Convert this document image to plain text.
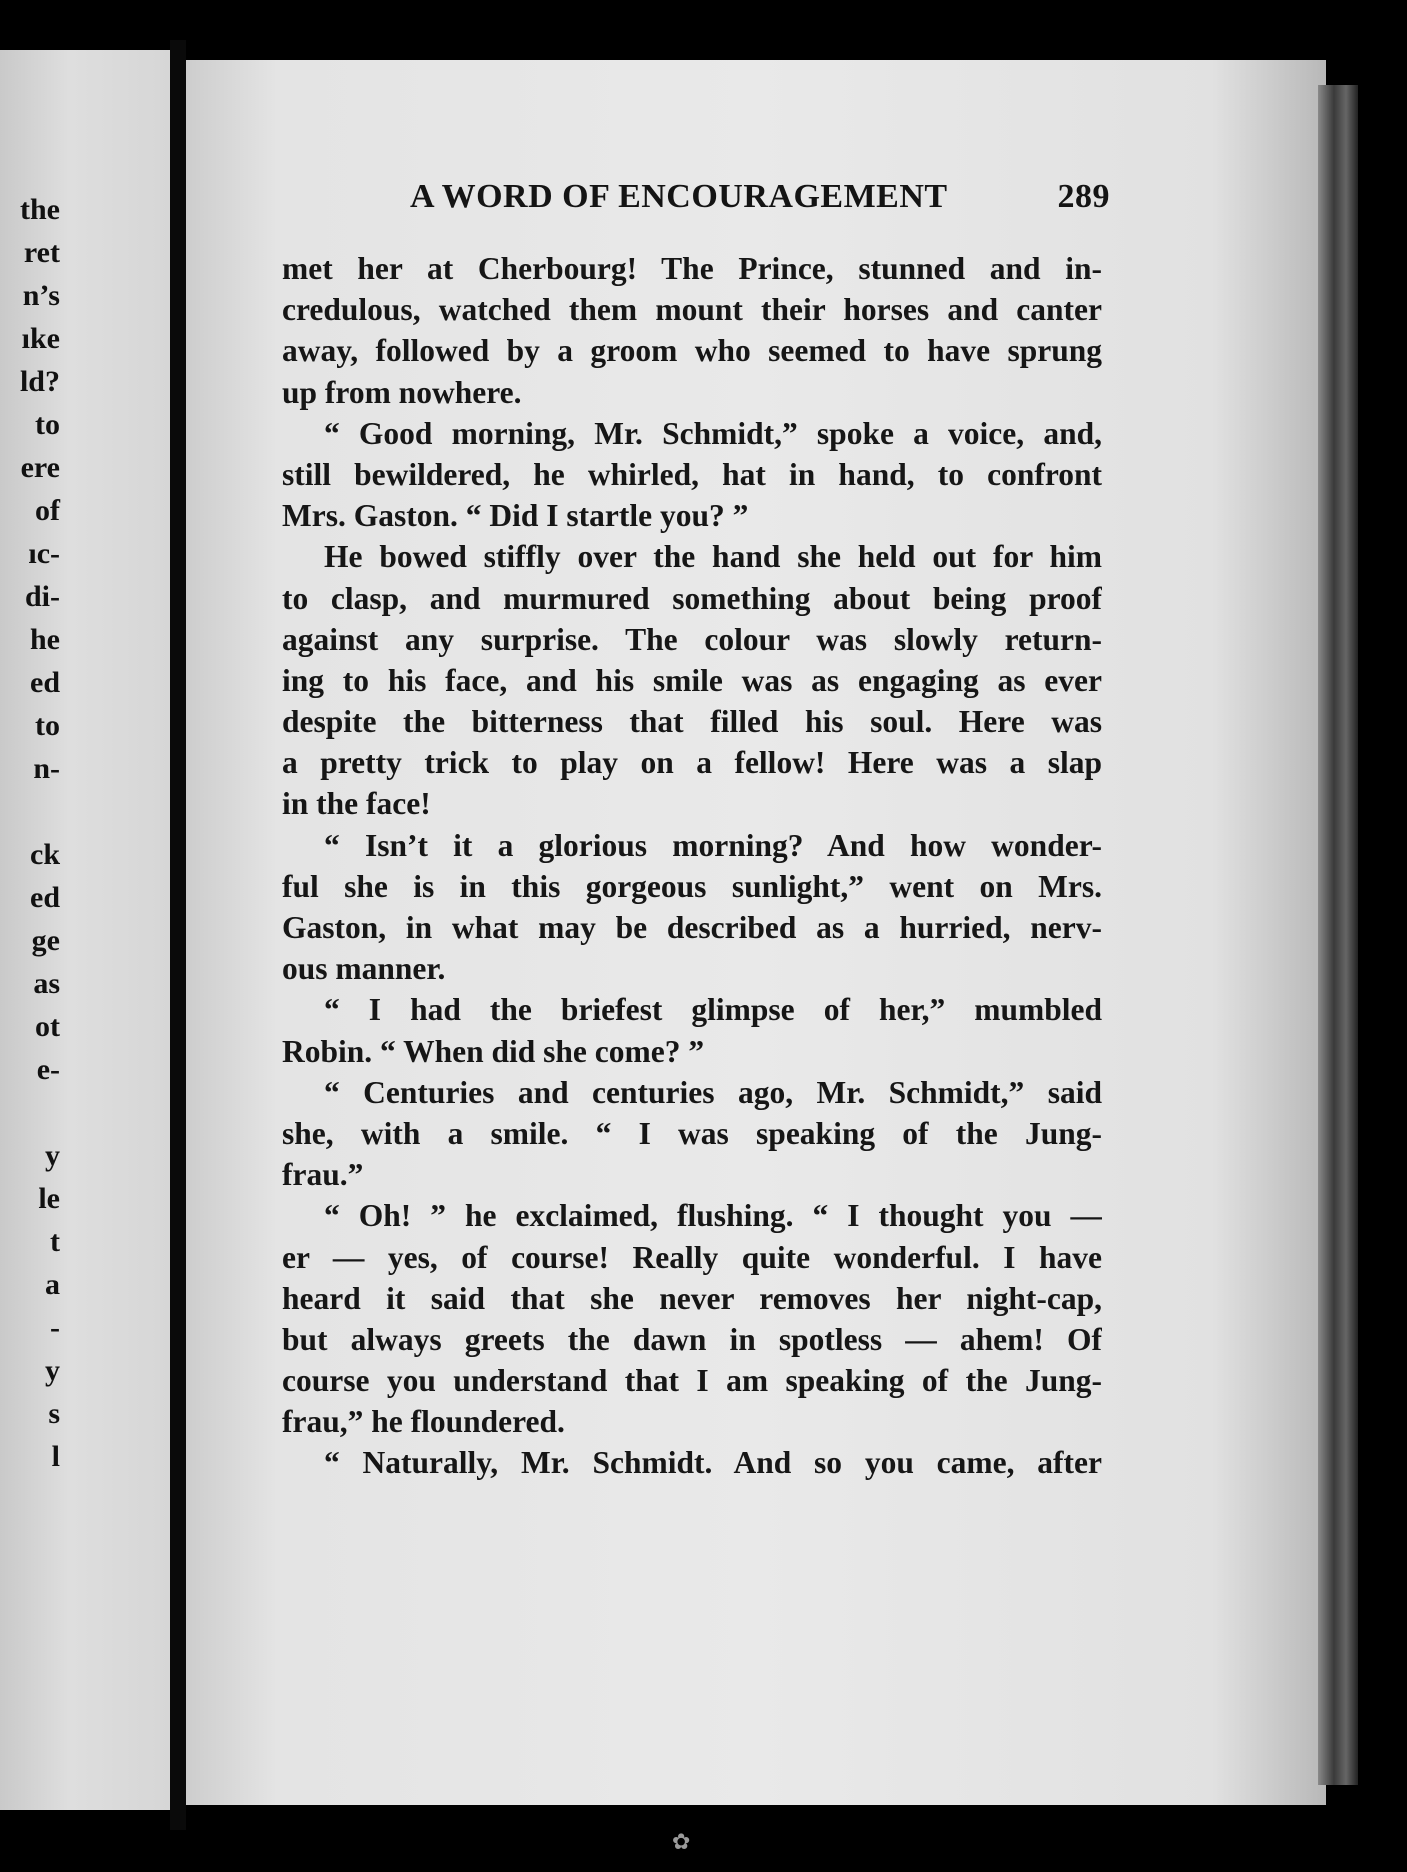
the
ret
n’s
ıke
ld?
to
ere
of
ıc-
di-
he
ed
to
n-
ck
ed
ge
as
ot
e-
y
le
t
a
-
y
s
l
A WORD OF ENCOURAGEMENT	289
met her at Cherbourg! The Prince, stunned and in-
credulous, watched them mount their horses and canter
away, followed by a groom who seemed to have sprung
up from nowhere.
“ Good morning, Mr. Schmidt,” spoke a voice, and,
still bewildered, he whirled, hat in hand, to confront
Mrs. Gaston. “ Did I startle you? ”
He bowed stiffly over the hand she held out for him
to clasp, and murmured something about being proof
against any surprise. The colour was slowly return-
ing to his face, and his smile was as engaging as ever
despite the bitterness that filled his soul. Here was
a pretty trick to play on a fellow! Here was a slap
in the face!
“ Isn’t it a glorious morning? And how wonder-
ful she is in this gorgeous sunlight,” went on Mrs.
Gaston, in what may be described as a hurried, nerv-
ous manner.
“ I had the briefest glimpse of her,” mumbled
Robin. “ When did she come? ”
“ Centuries and centuries ago, Mr. Schmidt,” said
she, with a smile. “ I was speaking of the Jung-
frau.”
“ Oh! ” he exclaimed, flushing. “ I thought you —
er — yes, of course! Really quite wonderful. I have
heard it said that she never removes her night-cap,
but always greets the dawn in spotless — ahem! Of
course you understand that I am speaking of the Jung-
frau,” he floundered.
“ Naturally, Mr. Schmidt. And so you came, after
✿
